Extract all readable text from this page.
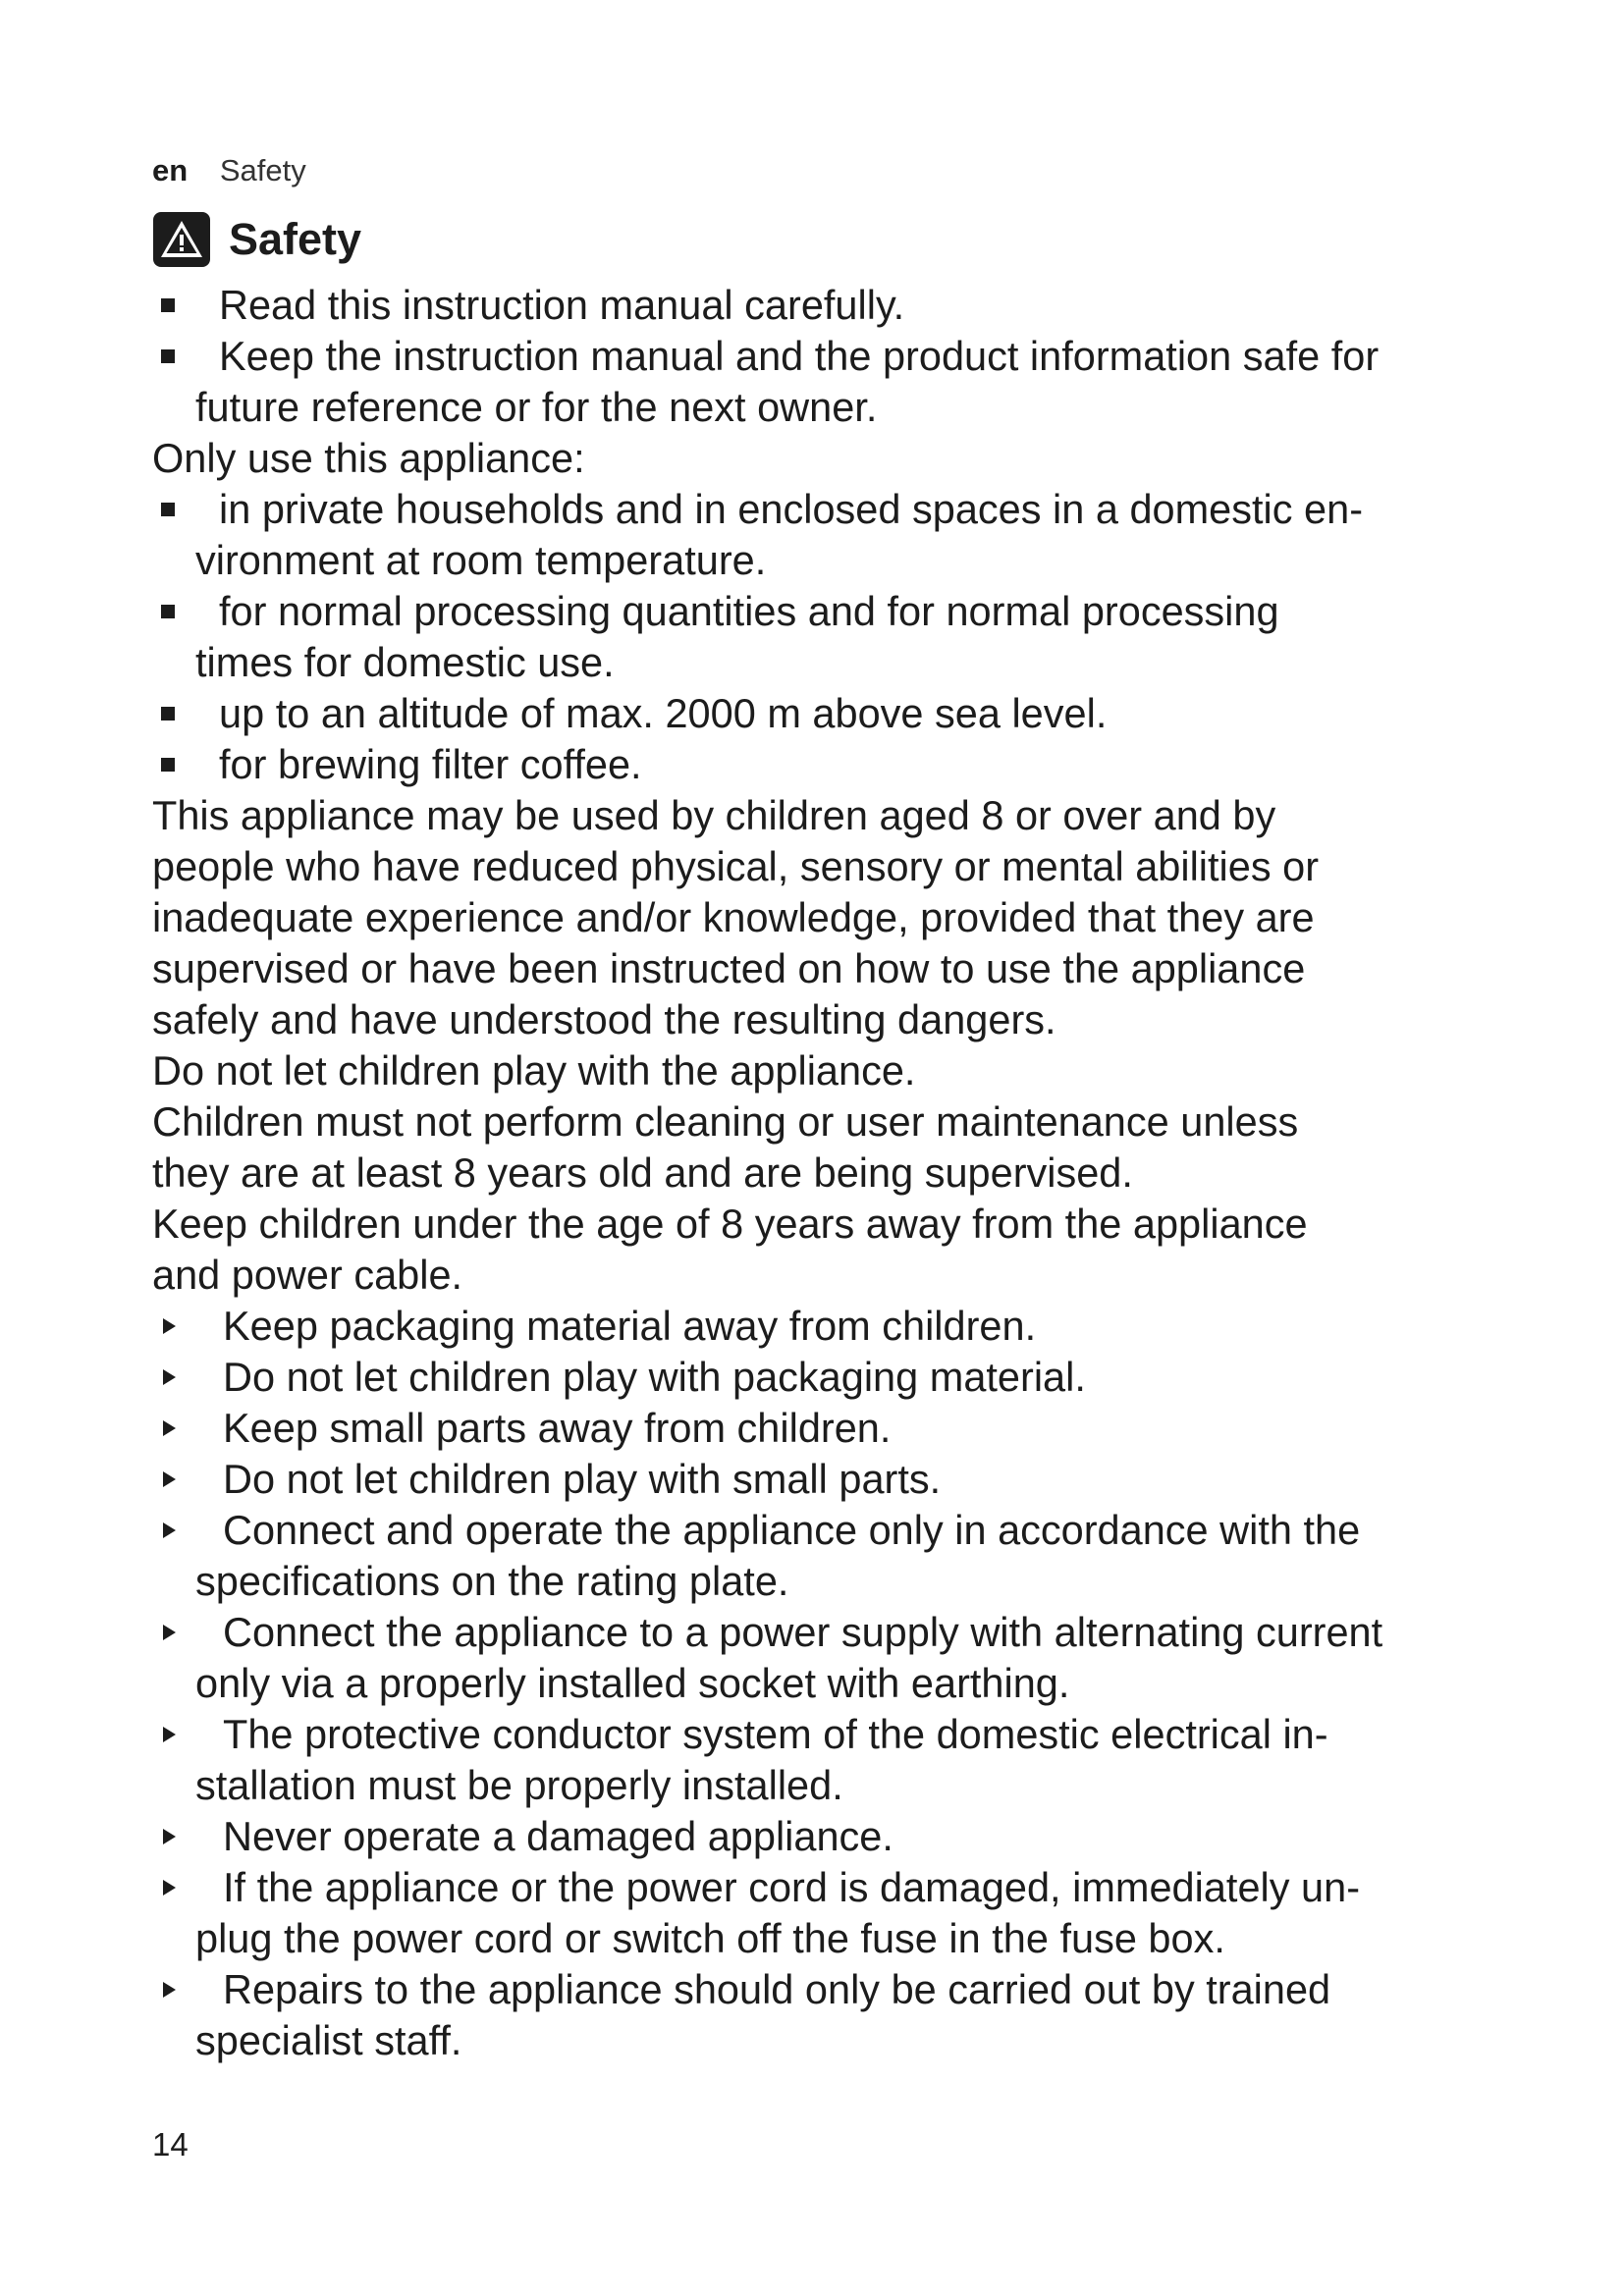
en Safety
Safety
Read this instruction manual carefully.
Keep the instruction manual and the product information safe for
future reference or for the next owner.
Only use this appliance:
in private households and in enclosed spaces in a domestic en-
vironment at room temperature.
for normal processing quantities and for normal processing
times for domestic use.
up to an altitude of max. 2000 m above sea level.
for brewing filter coffee.
This appliance may be used by children aged 8 or over and by
people who have reduced physical, sensory or mental abilities or
inadequate experience and/or knowledge, provided that they are
supervised or have been instructed on how to use the appliance
safely and have understood the resulting dangers.
Do not let children play with the appliance.
Children must not perform cleaning or user maintenance unless
they are at least 8 years old and are being supervised.
Keep children under the age of 8 years away from the appliance
and power cable.
Keep packaging material away from children.
Do not let children play with packaging material.
Keep small parts away from children.
Do not let children play with small parts.
Connect and operate the appliance only in accordance with the
specifications on the rating plate.
Connect the appliance to a power supply with alternating current
only via a properly installed socket with earthing.
The protective conductor system of the domestic electrical in-
stallation must be properly installed.
Never operate a damaged appliance.
If the appliance or the power cord is damaged, immediately un-
plug the power cord or switch off the fuse in the fuse box.
Repairs to the appliance should only be carried out by trained
specialist staff.
14
